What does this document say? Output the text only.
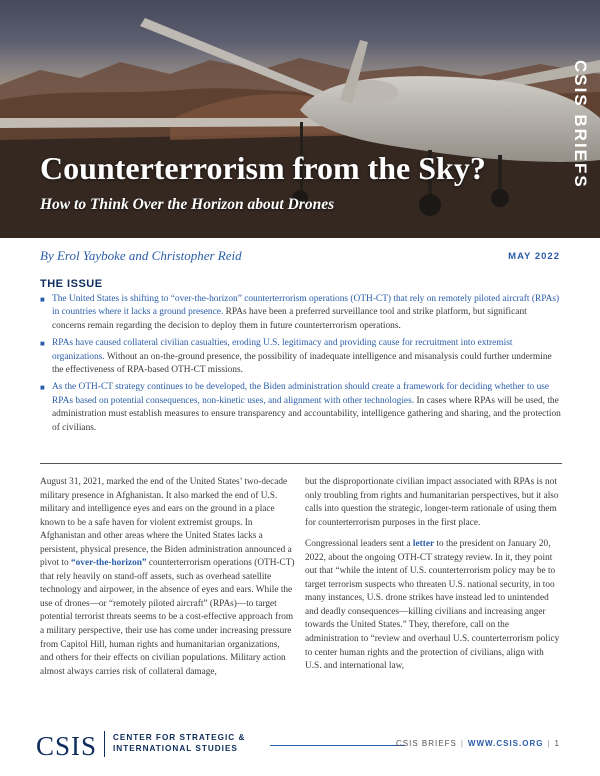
CSIS BRIEFS
Counterterrorism from the Sky?
How to Think Over the Horizon about Drones
By Erol Yayboke and Christopher Reid	MAY 2022
THE ISSUE
■ The United States is shifting to “over-the-horizon” counterterrorism operations (OTH-CT) that rely on remotely piloted aircraft (RPAs) in countries where it lacks a ground presence. RPAs have been a preferred surveillance tool and strike platform, but significant concerns remain regarding the decision to deploy them in future counterterrorism operations.
■ RPAs have caused collateral civilian casualties, eroding U.S. legitimacy and providing cause for recruitment into extremist organizations. Without an on-the-ground presence, the possibility of inadequate intelligence and misanalysis could further undermine the effectiveness of RPA-based OTH-CT missions.
■ As the OTH-CT strategy continues to be developed, the Biden administration should create a framework for deciding whether to use RPAs based on potential consequences, non-kinetic uses, and alignment with other technologies. In cases where RPAs will be used, the administration must establish measures to ensure transparency and accountability, intelligence gathering and sharing, and the protection of civilians.

August 31, 2021, marked the end of the United States’ two-decade military presence in Afghanistan. It also marked the end of U.S. military and intelligence eyes and ears on the ground in a place known to be a safe haven for violent extremist groups. In Afghanistan and other areas where the United States lacks a persistent, physical presence, the Biden administration announced a pivot to “over-the-horizon” counterterrorism operations (OTH-CT) that rely heavily on stand-off assets, such as overhead satellite technology and airpower, in the absence of eyes and ears. While the use of drones—or “remotely piloted aircraft” (RPAs)—to target potential terrorist threats seems to be a cost-effective approach from a military perspective, their use has come under increasing pressure from Capitol Hill, human rights and humanitarian organizations, and others for their effects on civilian populations. Military action almost always carries risk of collateral damage,

but the disproportionate civilian impact associated with RPAs is not only troubling from rights and humanitarian perspectives, but it also calls into question the strategic, longer-term rationale of using them for counterterrorism purposes in the first place.

Congressional leaders sent a letter to the president on January 20, 2022, about the ongoing OTH-CT strategy review. In it, they point out that “while the intent of U.S. counterterrorism policy may be to target terrorism suspects who threaten U.S. national security, in too many instances, U.S. drone strikes have instead led to unintended and deadly consequences—killing civilians and increasing anger towards the United States.” They, therefore, call on the administration to “review and overhaul U.S. counterterrorism policy to center human rights and the protection of civilians, align with U.S. and international law,

CSIS CENTER FOR STRATEGIC &
INTERNATIONAL STUDIES	CSIS BRIEFS | WWW.CSIS.ORG | 1
